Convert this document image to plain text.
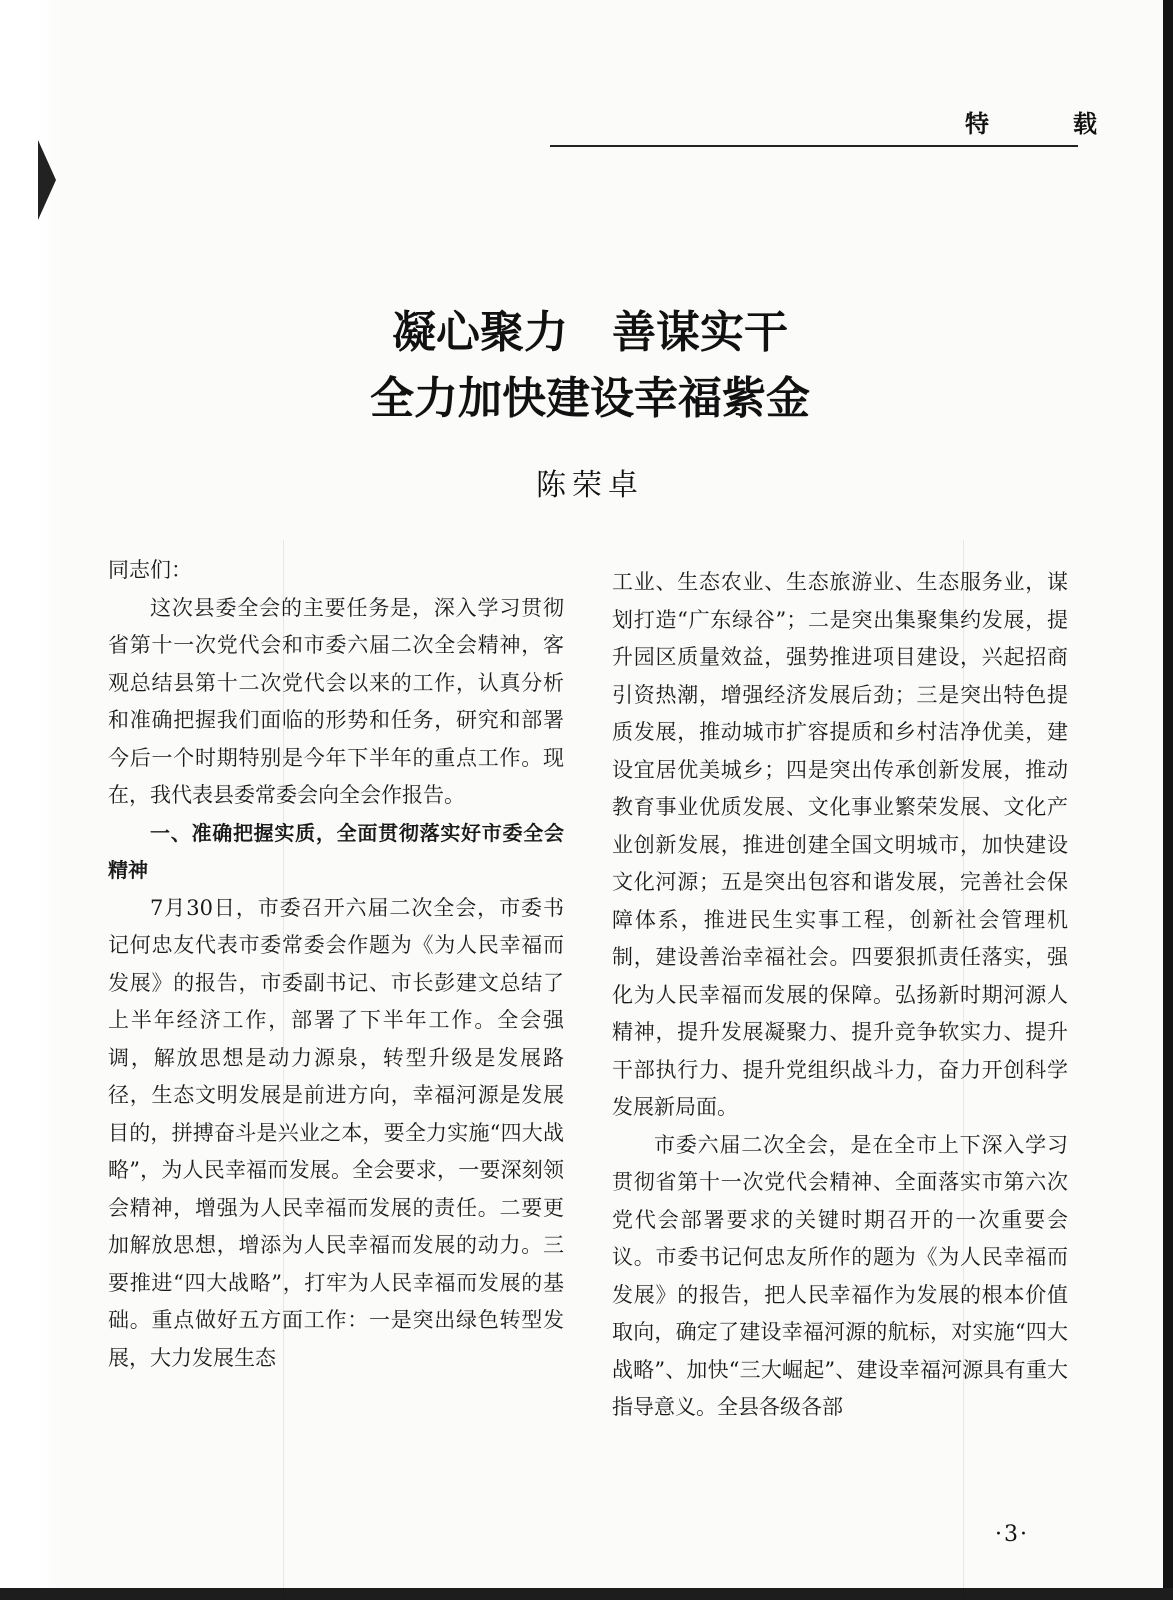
特　载
凝心聚力　善谋实干
全力加快建设幸福紫金
陈荣卓

同志们：

这次县委全会的主要任务是，深入学习贯彻省第十一次党代会和市委六届二次全会精神，客观总结县第十二次党代会以来的工作，认真分析和准确把握我们面临的形势和任务，研究和部署今后一个时期特别是今年下半年的重点工作。现在，我代表县委常委会向全会作报告。

一、准确把握实质，全面贯彻落实好市委全会精神

7月30日，市委召开六届二次全会，市委书记何忠友代表市委常委会作题为《为人民幸福而发展》的报告，市委副书记、市长彭建文总结了上半年经济工作，部署了下半年工作。全会强调，解放思想是动力源泉，转型升级是发展路径，生态文明发展是前进方向，幸福河源是发展目的，拼搏奋斗是兴业之本，要全力实施“四大战略”，为人民幸福而发展。全会要求，一要深刻领会精神，增强为人民幸福而发展的责任。二要更加解放思想，增添为人民幸福而发展的动力。三要推进“四大战略”，打牢为人民幸福而发展的基础。重点做好五方面工作：一是突出绿色转型发展，大力发展生态

工业、生态农业、生态旅游业、生态服务业，谋划打造“广东绿谷”；二是突出集聚集约发展，提升园区质量效益，强势推进项目建设，兴起招商引资热潮，增强经济发展后劲；三是突出特色提质发展，推动城市扩容提质和乡村洁净优美，建设宜居优美城乡；四是突出传承创新发展，推动教育事业优质发展、文化事业繁荣发展、文化产业创新发展，推进创建全国文明城市，加快建设文化河源；五是突出包容和谐发展，完善社会保障体系，推进民生实事工程，创新社会管理机制，建设善治幸福社会。四要狠抓责任落实，强化为人民幸福而发展的保障。弘扬新时期河源人精神，提升发展凝聚力、提升竞争软实力、提升干部执行力、提升党组织战斗力，奋力开创科学发展新局面。

市委六届二次全会，是在全市上下深入学习贯彻省第十一次党代会精神、全面落实市第六次党代会部署要求的关键时期召开的一次重要会议。市委书记何忠友所作的题为《为人民幸福而发展》的报告，把人民幸福作为发展的根本价值取向，确定了建设幸福河源的航标，对实施“四大战略”、加快“三大崛起”、建设幸福河源具有重大指导意义。全县各级各部

·3·
